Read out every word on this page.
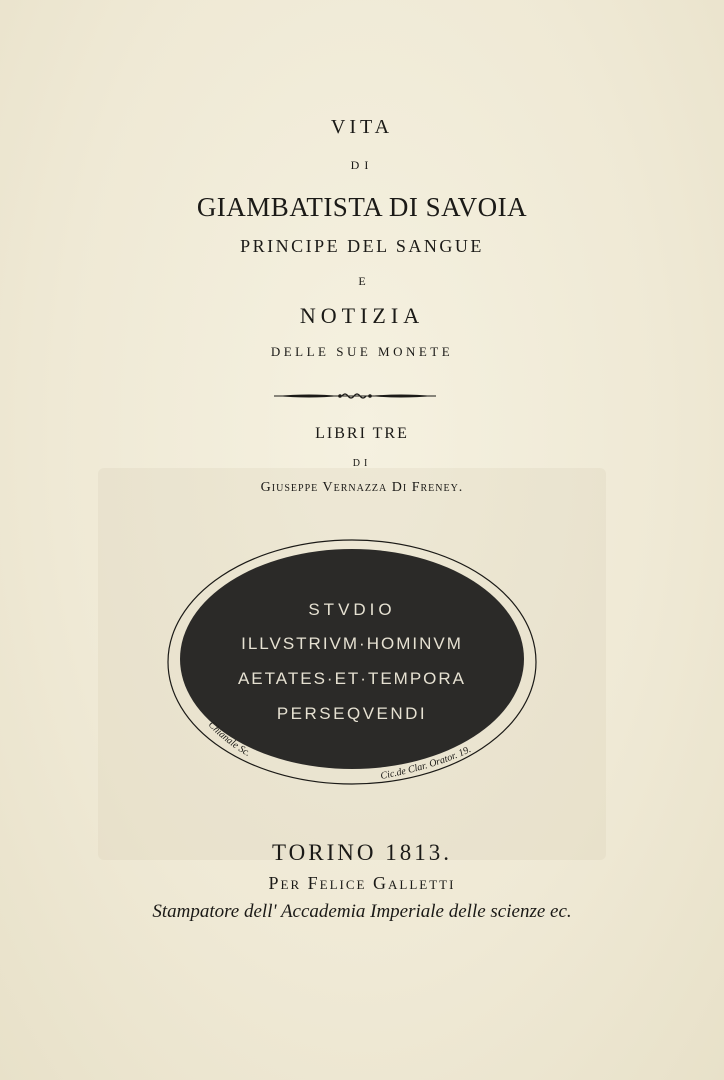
VITA
DI
GIAMBATISTA DI SAVOIA
PRINCIPE DEL SANGUE
E
NOTIZIA
DELLE SUE MONETE
LIBRI TRE
DI
Giuseppe Vernazza Di Freney.
STVDIO
ILLVSTRIVM·HOMINVM
AETATES·ET·TEMPORA
PERSEQVENDI
Chianale Sc.
Cic.de Clar. Orator. 19.
TORINO 1813.
Per Felice Galletti
Stampatore dell' Accademia Imperiale delle scienze ec.
